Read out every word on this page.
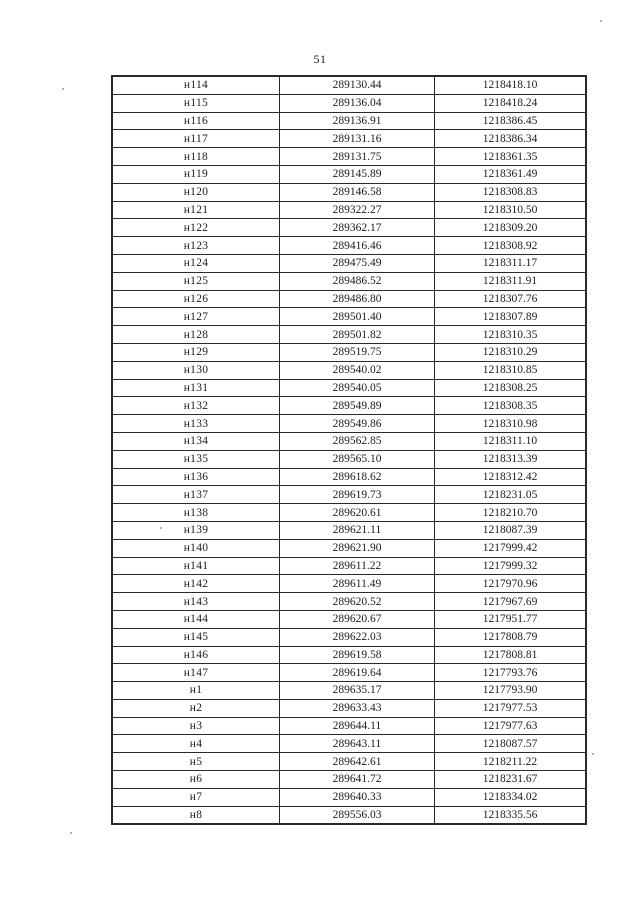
51
н114	289130.44	1218418.10
н115	289136.04	1218418.24
н116	289136.91	1218386.45
н117	289131.16	1218386.34
н118	289131.75	1218361.35
н119	289145.89	1218361.49
н120	289146.58	1218308.83
н121	289322.27	1218310.50
н122	289362.17	1218309.20
н123	289416.46	1218308.92
н124	289475.49	1218311.17
н125	289486.52	1218311.91
н126	289486.80	1218307.76
н127	289501.40	1218307.89
н128	289501.82	1218310.35
н129	289519.75	1218310.29
н130	289540.02	1218310.85
н131	289540.05	1218308.25
н132	289549.89	1218308.35
н133	289549.86	1218310.98
н134	289562.85	1218311.10
н135	289565.10	1218313.39
н136	289618.62	1218312.42
н137	289619.73	1218231.05
н138	289620.61	1218210.70
н139	289621.11	1218087.39
н140	289621.90	1217999.42
н141	289611.22	1217999.32
н142	289611.49	1217970.96
н143	289620.52	1217967.69
н144	289620.67	1217951.77
н145	289622.03	1217808.79
н146	289619.58	1217808.81
н147	289619.64	1217793.76
н1	289635.17	1217793.90
н2	289633.43	1217977.53
н3	289644.11	1217977.63
н4	289643.11	1218087.57
н5	289642.61	1218211.22
н6	289641.72	1218231.67
н7	289640.33	1218334.02
н8	289556.03	1218335.56
